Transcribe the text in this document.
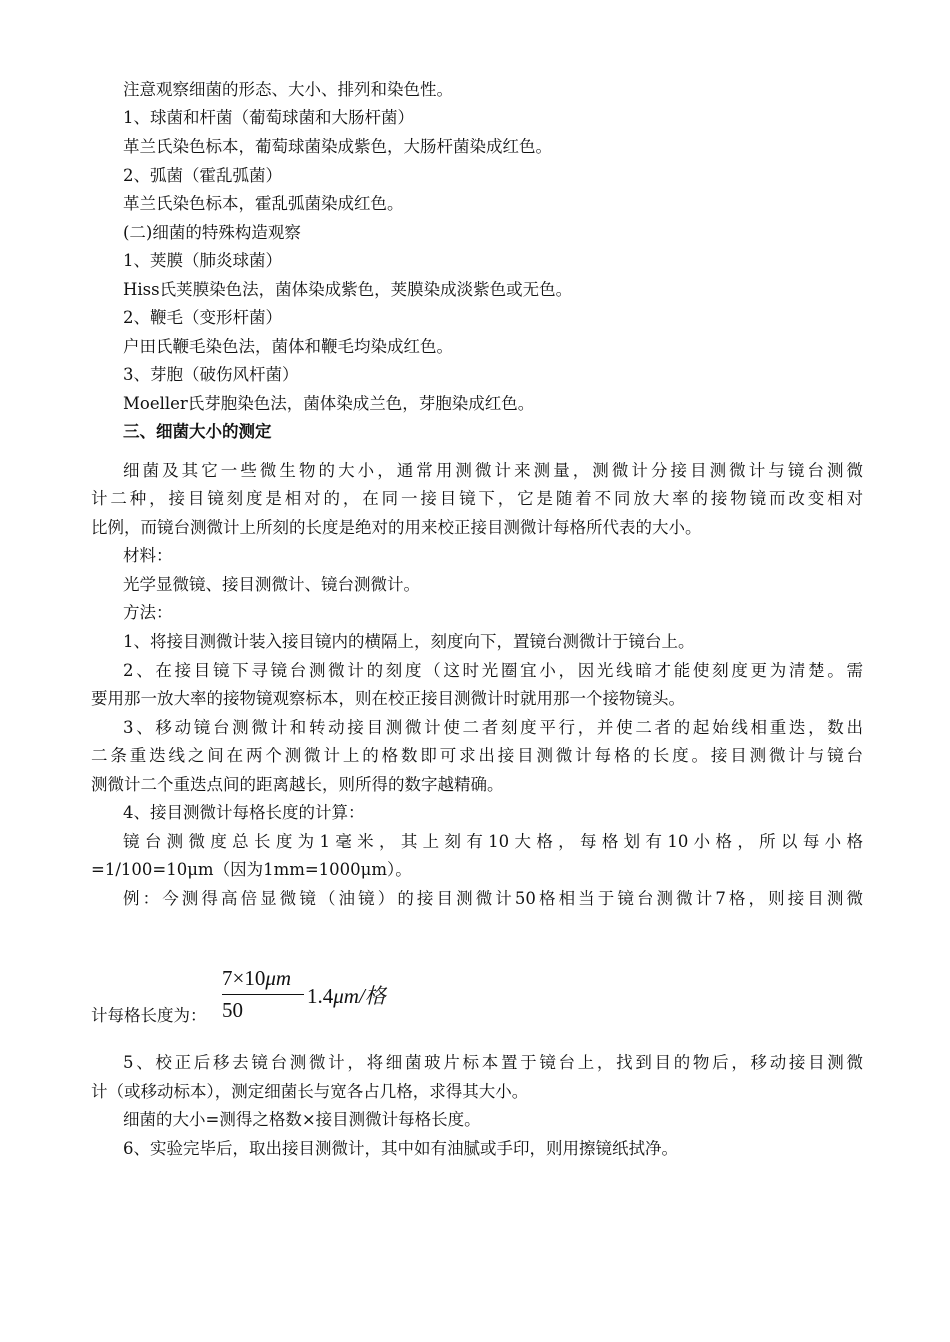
注意观察细菌的形态、大小、排列和染色性。
1、球菌和杆菌（葡萄球菌和大肠杆菌）
革兰氏染色标本，葡萄球菌染成紫色，大肠杆菌染成红色。
2、弧菌（霍乱弧菌）
革兰氏染色标本，霍乱弧菌染成红色。
(二)细菌的特殊构造观察
1、荚膜（肺炎球菌）
Hiss氏荚膜染色法，菌体染成紫色，荚膜染成淡紫色或无色。
2、鞭毛（变形杆菌）
户田氏鞭毛染色法，菌体和鞭毛均染成红色。
3、芽胞（破伤风杆菌）
Moeller氏芽胞染色法，菌体染成兰色，芽胞染成红色。
三、细菌大小的测定
细菌及其它一些微生物的大小，通常用测微计来测量，测微计分接目测微计与镜台测微
计二种，接目镜刻度是相对的，在同一接目镜下，它是随着不同放大率的接物镜而改变相对
比例，而镜台测微计上所刻的长度是绝对的用来校正接目测微计每格所代表的大小。
材料：
光学显微镜、接目测微计、镜台测微计。
方法：
1、将接目测微计装入接目镜内的横隔上，刻度向下，置镜台测微计于镜台上。
2、在接目镜下寻镜台测微计的刻度（这时光圈宜小，因光线暗才能使刻度更为清楚。需
要用那一放大率的接物镜观察标本，则在校正接目测微计时就用那一个接物镜头。
3、移动镜台测微计和转动接目测微计使二者刻度平行，并使二者的起始线相重迭，数出
二条重迭线之间在两个测微计上的格数即可求出接目测微计每格的长度。接目测微计与镜台
测微计二个重迭点间的距离越长，则所得的数字越精确。
4、接目测微计每格长度的计算：
镜台测微度总长度为1毫米，其上刻有10大格，每格划有10小格，所以每小格
=1/100=10μm（因为1mm=1000μm）。
例：今测得高倍显微镜（油镜）的接目测微计50格相当于镜台测微计7格，则接目测微
计每格长度为：
7×10μm
50
1.4μm/格
5、校正后移去镜台测微计，将细菌玻片标本置于镜台上，找到目的物后，移动接目测微
计（或移动标本），测定细菌长与宽各占几格，求得其大小。
细菌的大小=测得之格数×接目测微计每格长度。
6、实验完毕后，取出接目测微计，其中如有油腻或手印，则用擦镜纸拭净。
